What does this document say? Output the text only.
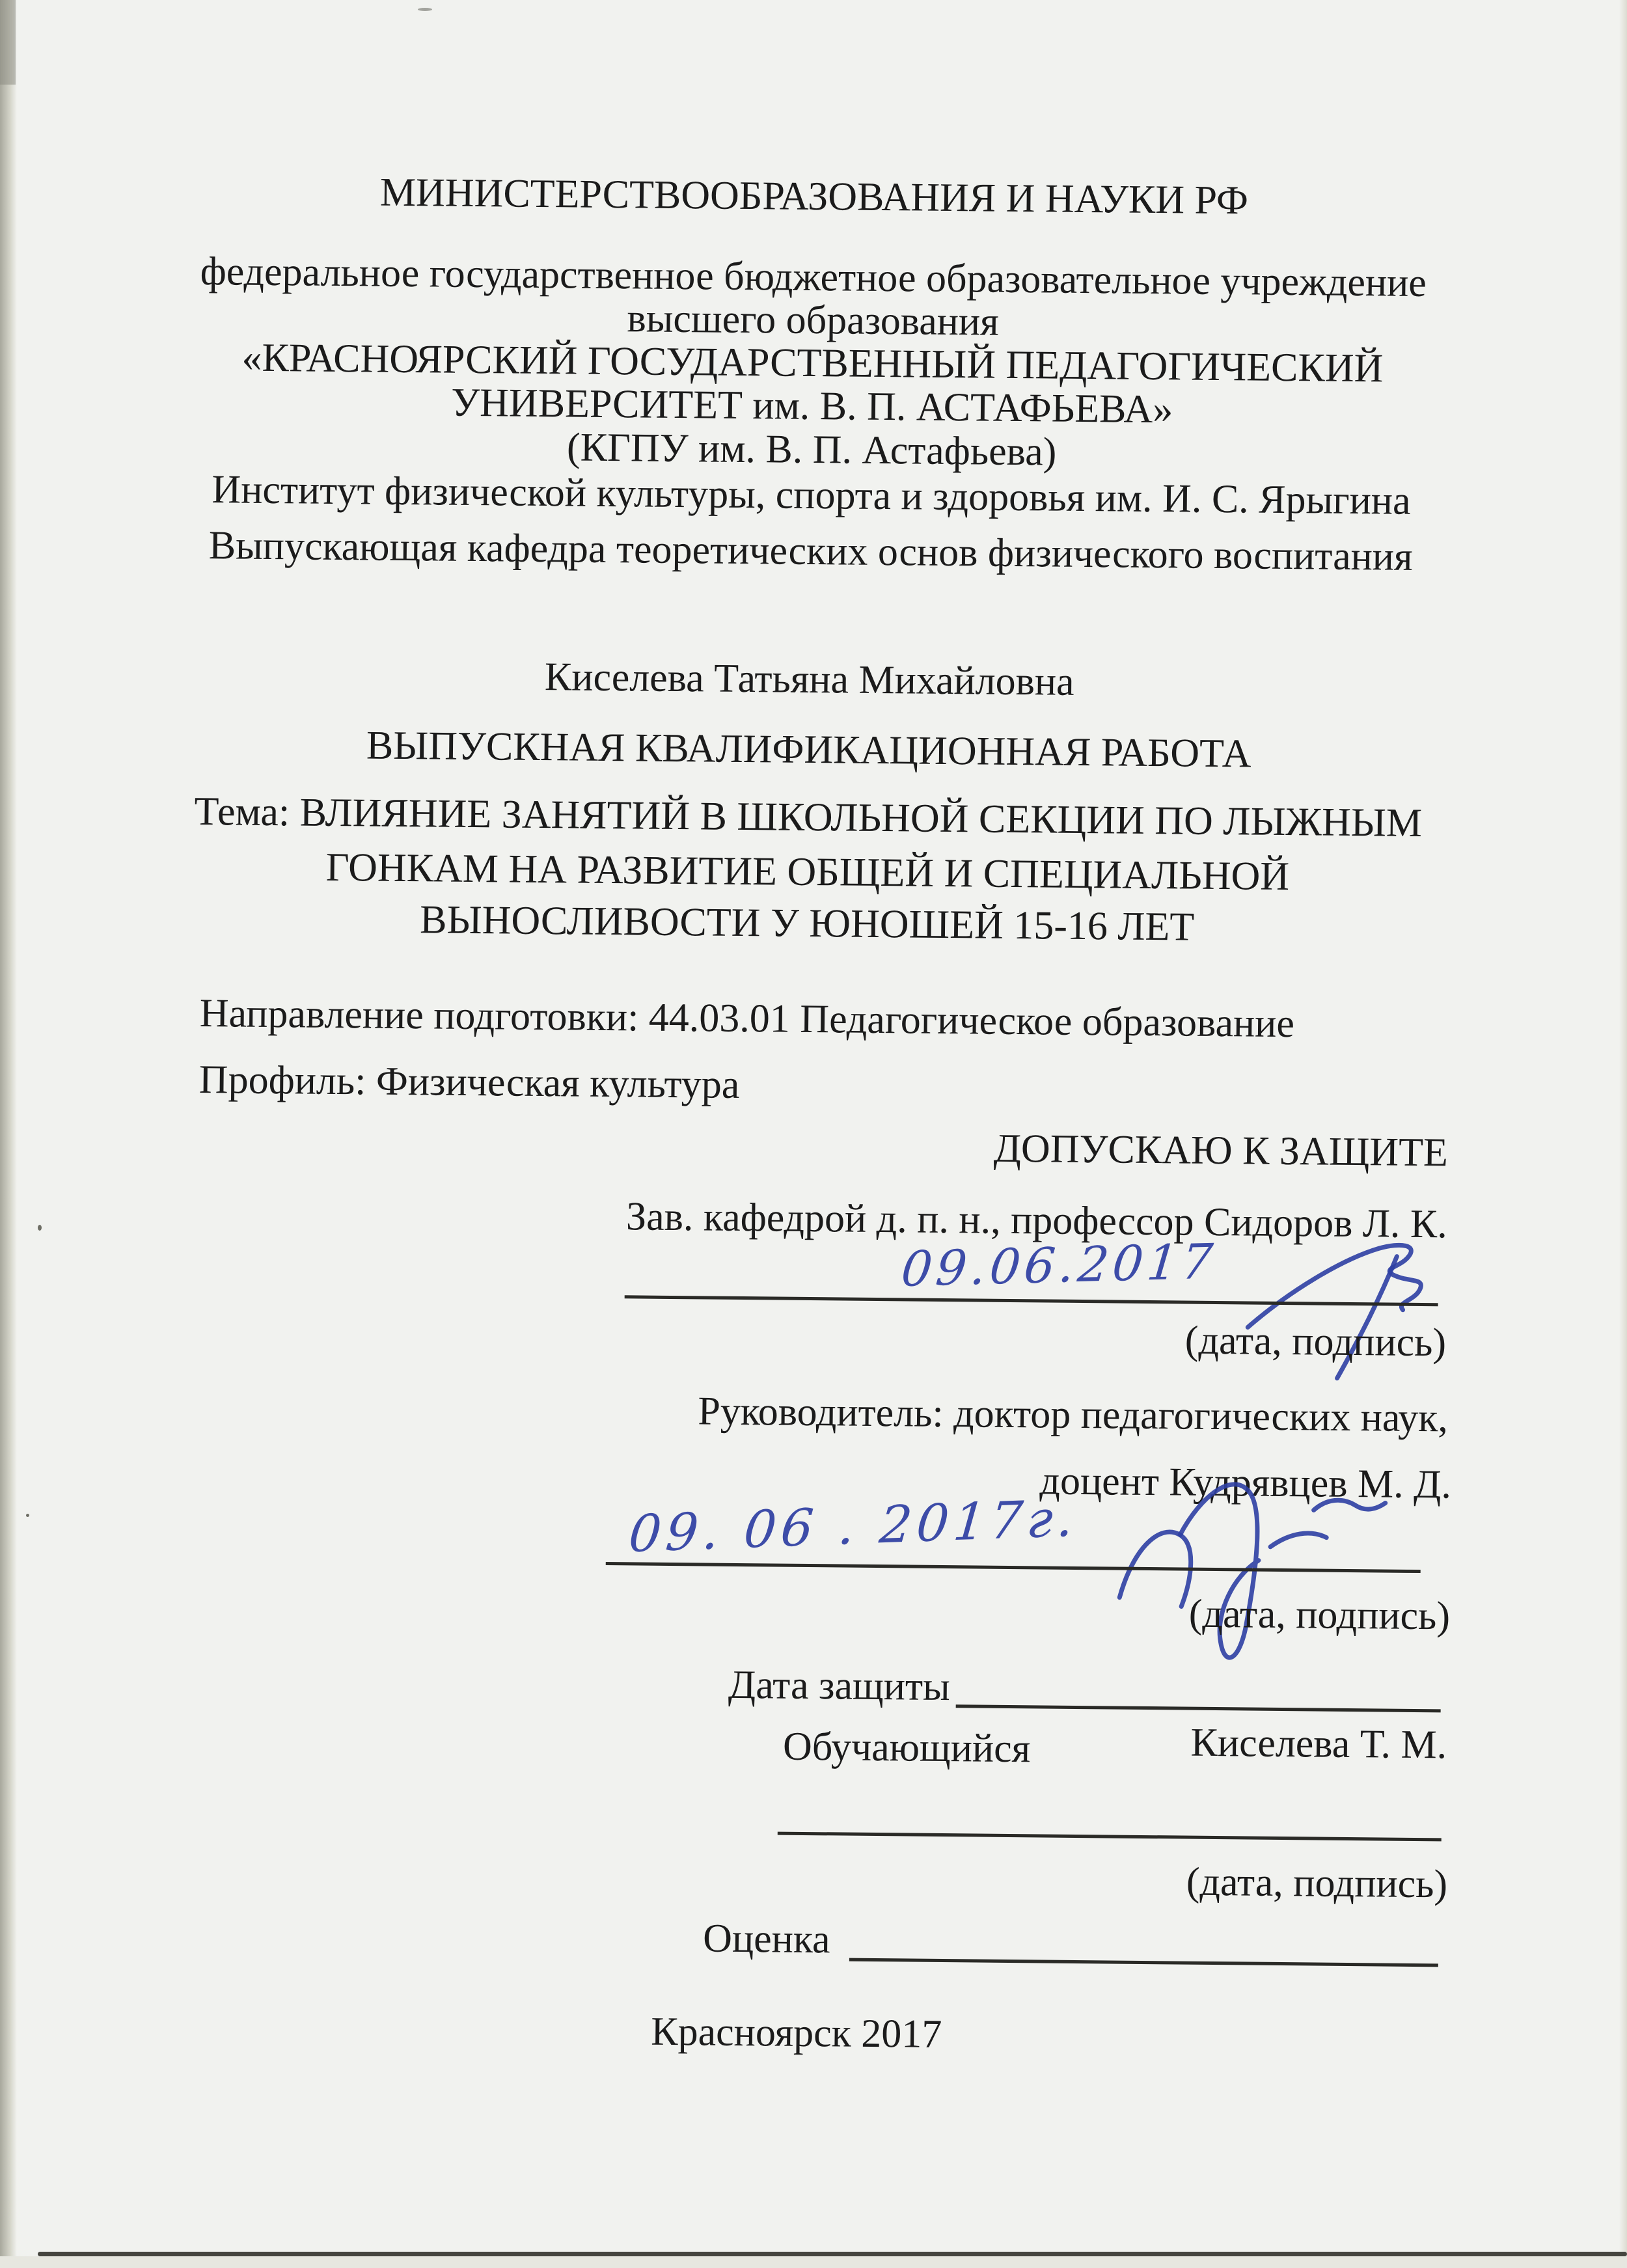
МИНИСТЕРСТВООБРАЗОВАНИЯ И НАУКИ РФ
федеральное государственное бюджетное образовательное учреждение
высшего образования
«КРАСНОЯРСКИЙ ГОСУДАРСТВЕННЫЙ ПЕДАГОГИЧЕСКИЙ
УНИВЕРСИТЕТ им. В. П. АСТАФЬЕВА»
(КГПУ им. В. П. Астафьева)
Институт физической культуры, спорта и здоровья им. И. С. Ярыгина
Выпускающая кафедра теоретических основ физического воспитания
Киселева Татьяна Михайловна
ВЫПУСКНАЯ КВАЛИФИКАЦИОННАЯ РАБОТА
Тема: ВЛИЯНИЕ ЗАНЯТИЙ В ШКОЛЬНОЙ СЕКЦИИ ПО ЛЫЖНЫМ
ГОНКАМ НА РАЗВИТИЕ ОБЩЕЙ И СПЕЦИАЛЬНОЙ
ВЫНОСЛИВОСТИ У ЮНОШЕЙ 15-16 ЛЕТ
Направление подготовки: 44.03.01 Педагогическое образование
Профиль: Физическая культура
ДОПУСКАЮ К ЗАЩИТЕ
Зав. кафедрой д. п. н., профессор Сидоров Л. К.
09.06.2017
(дата, подпись)
Руководитель: доктор педагогических наук,
доцент Кудрявцев М. Д.
09. 06 . 2017г.
(дата, подпись)
Дата защиты
Обучающийся	Киселева Т. М.
(дата, подпись)
Оценка
Красноярск 2017
